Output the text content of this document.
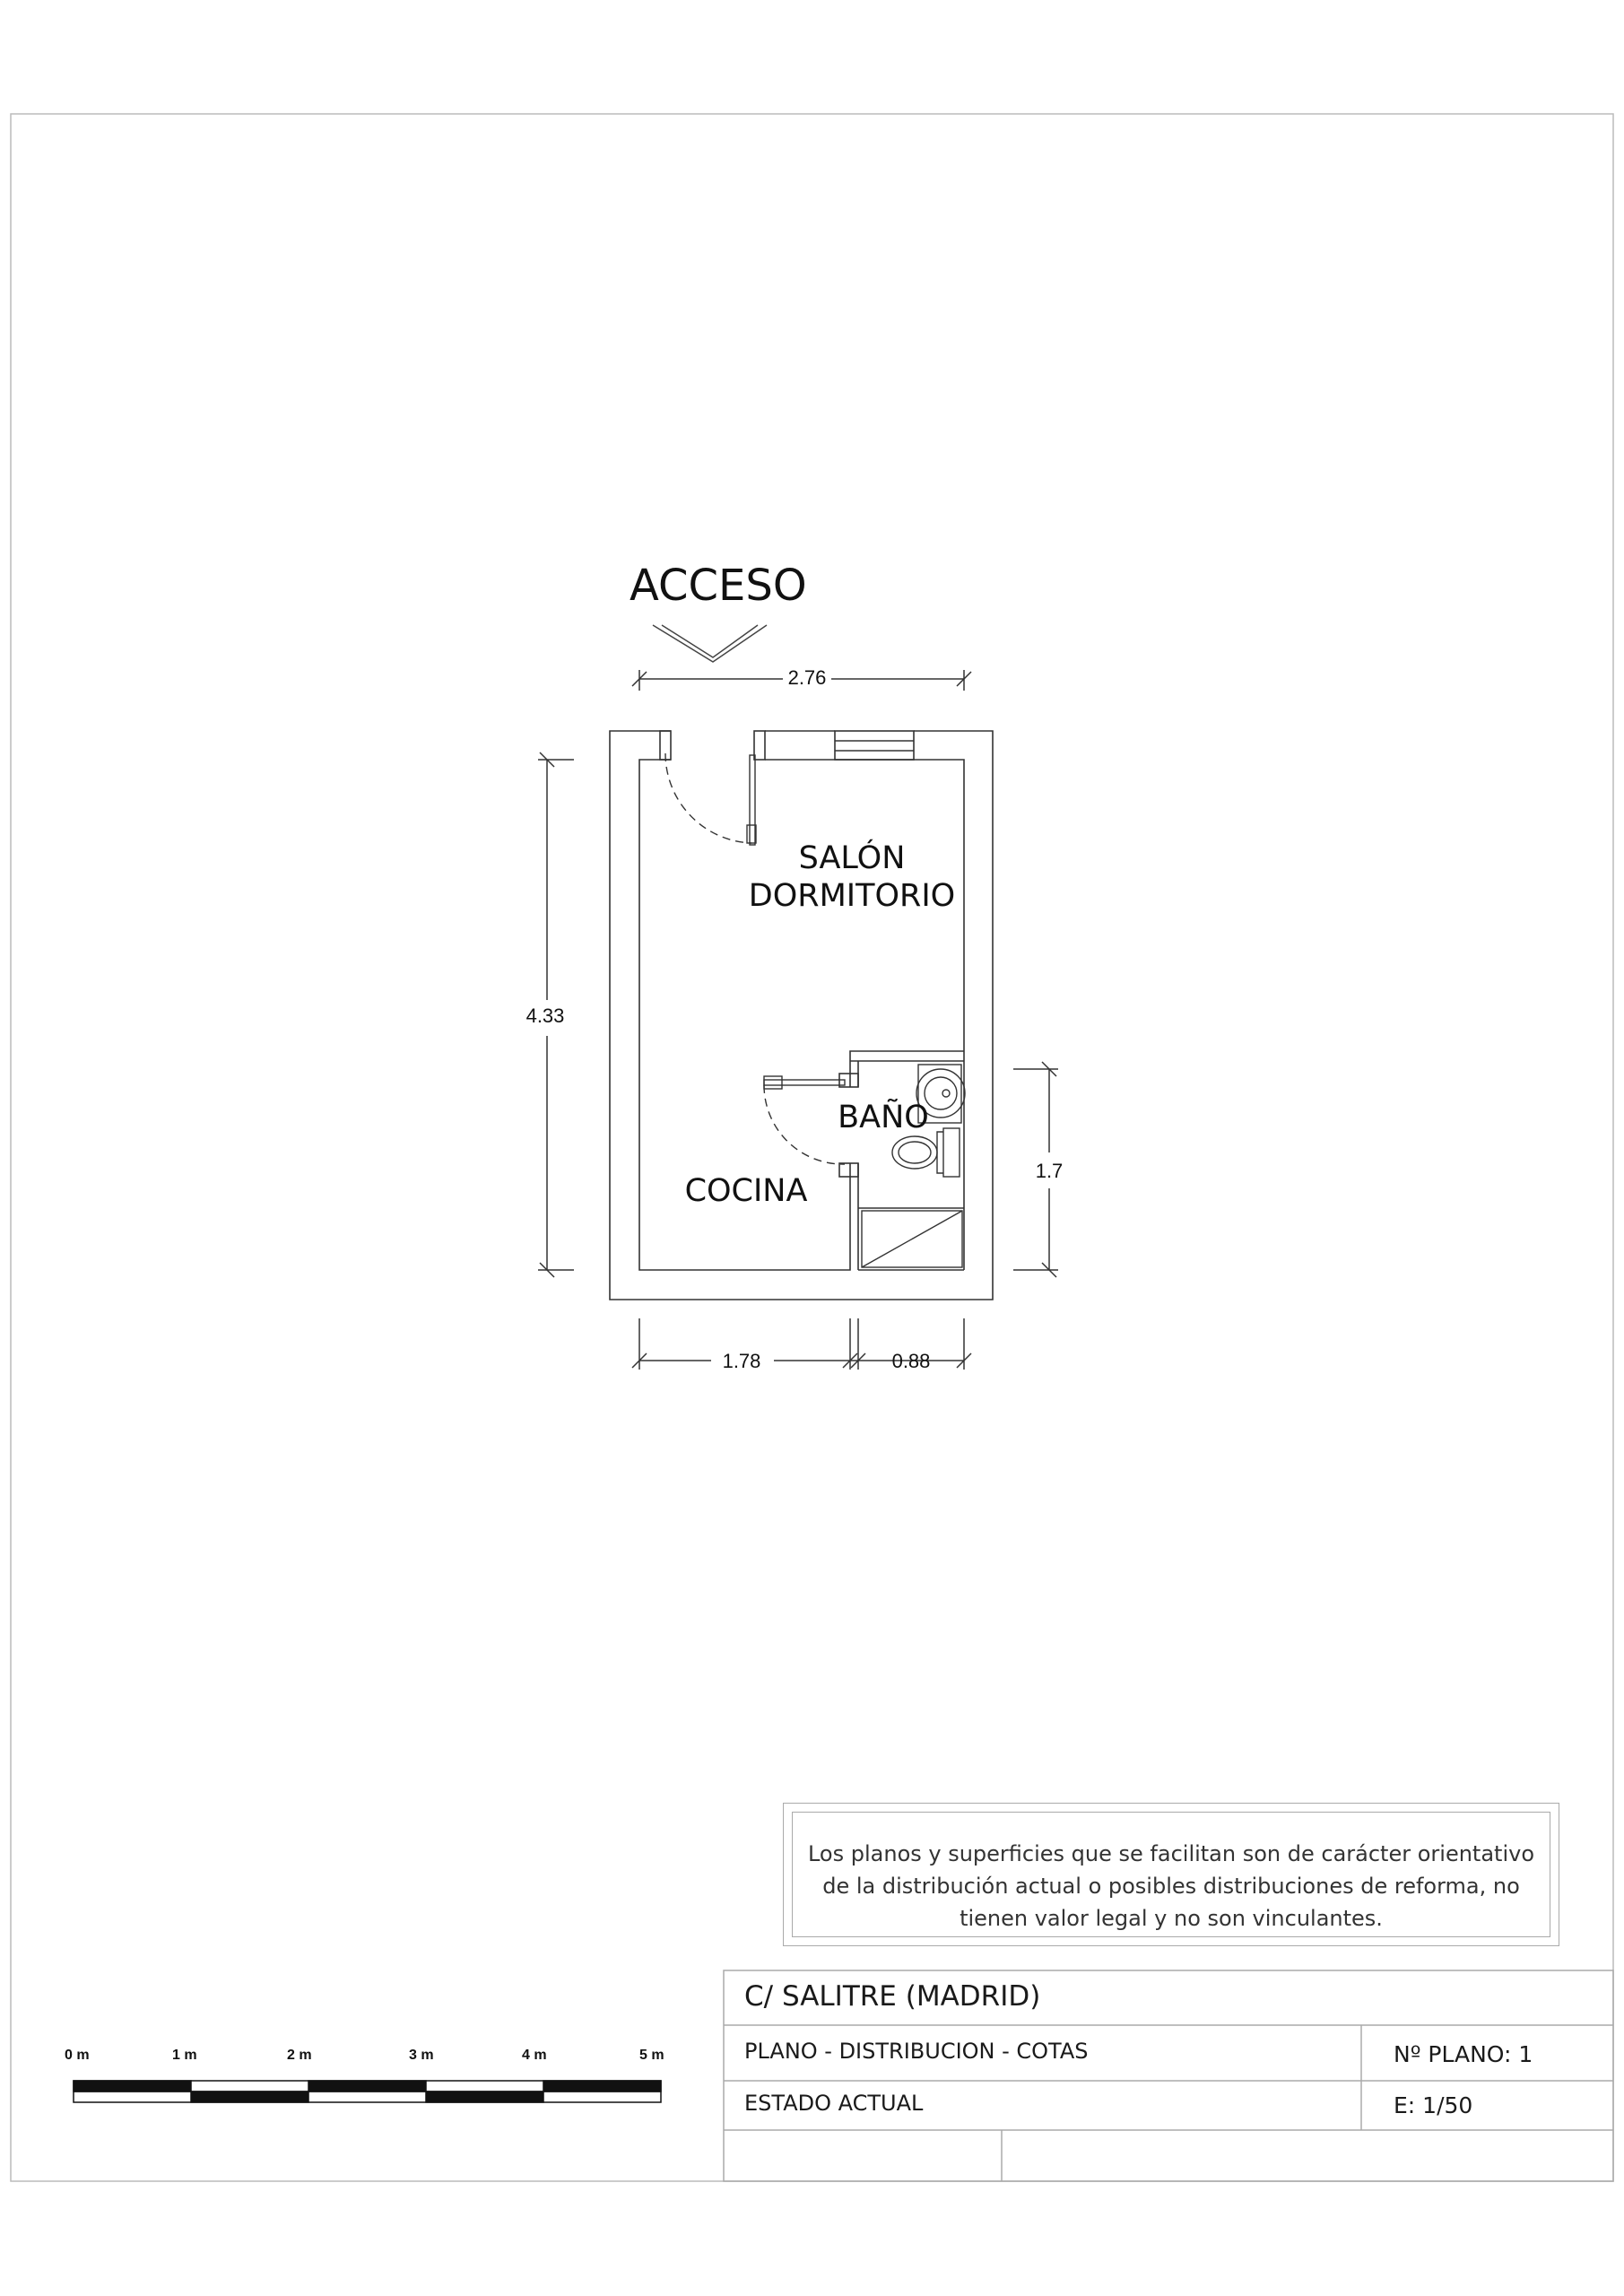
ACCESO
SALÓN
DORMITORIO
BAÑO
COCINA
2.76
4.33
1.7
1.78	0.88
Los planos y superficies que se facilitan son de carácter orientativo de la distribución actual o posibles distribuciones de reforma, no tienen valor legal y no son vinculantes.
C/ SALITRE (MADRID)
PLANO - DISTRIBUCION - COTAS	Nº PLANO: 1
ESTADO ACTUAL	E: 1/50
0 m	1 m	2 m	3 m	4 m	5 m
